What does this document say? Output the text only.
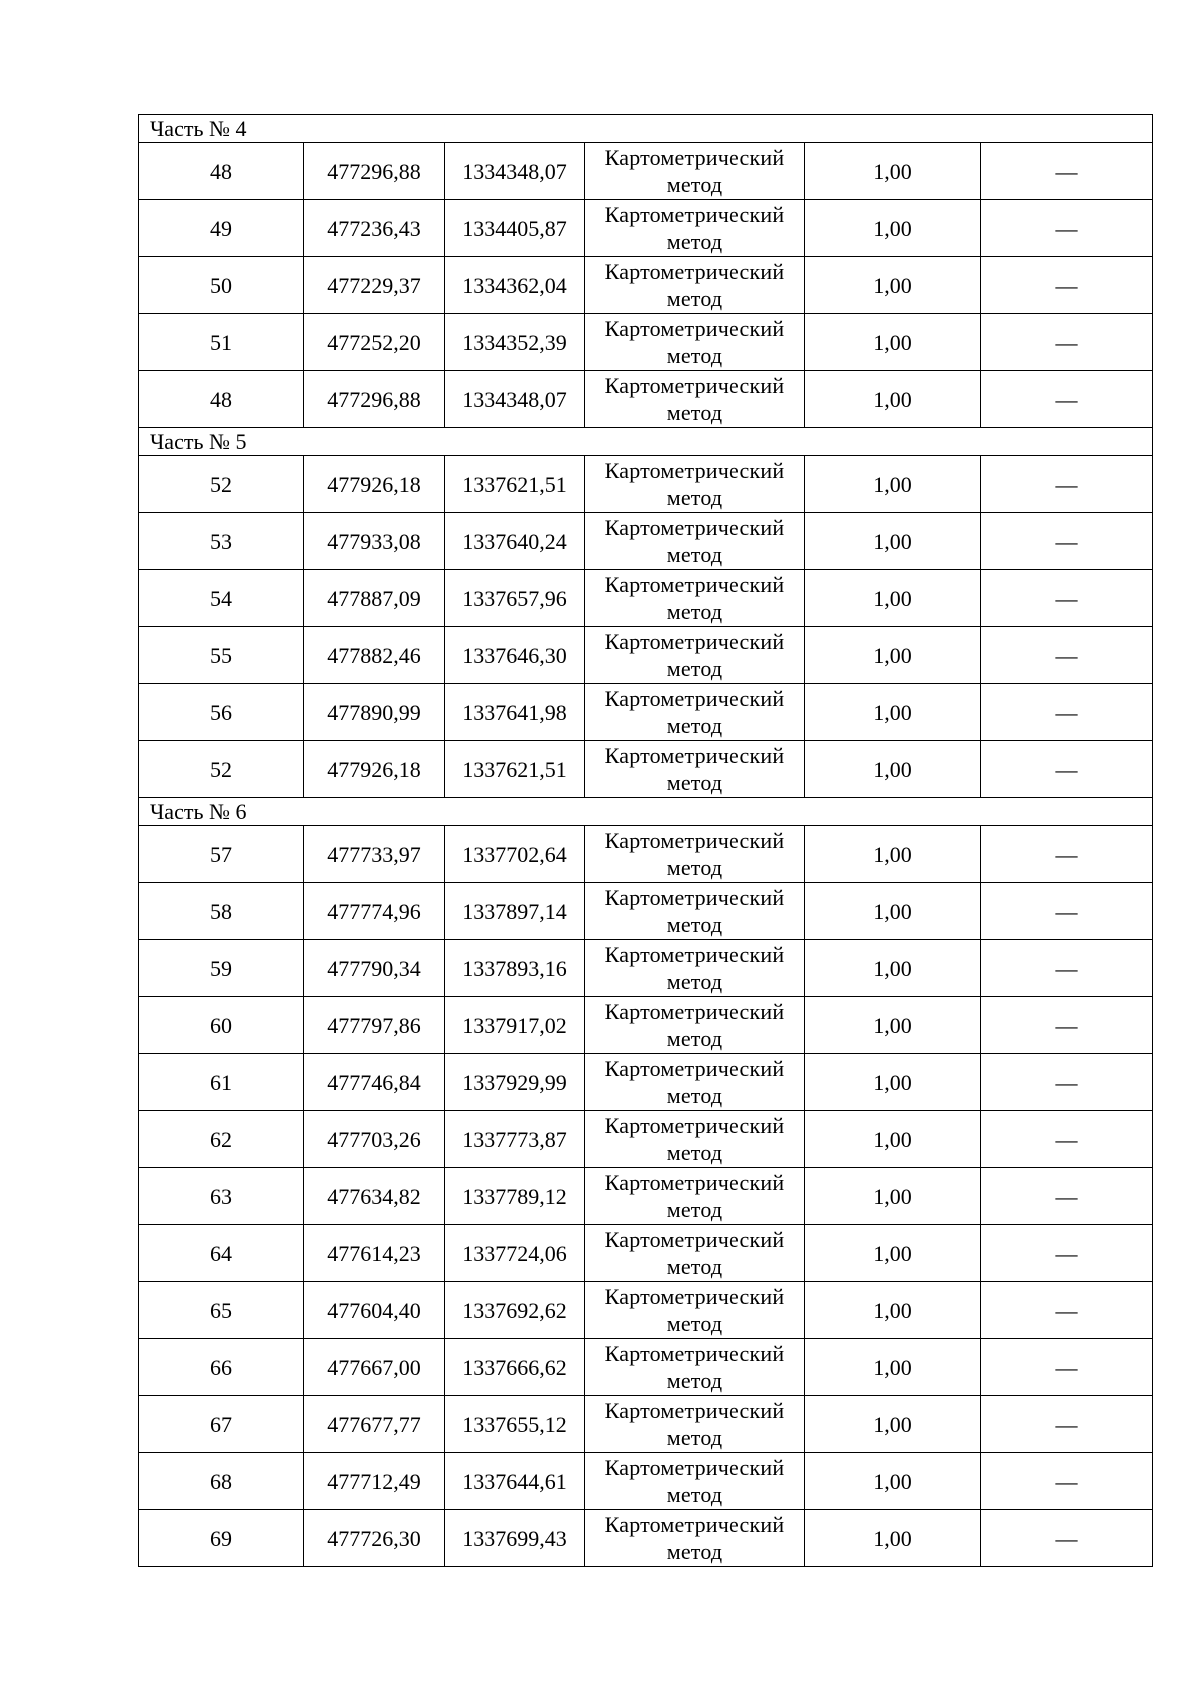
Часть № 4					
48	477296,88	1334348,07	Картометрический метод	1,00	—
49	477236,43	1334405,87	Картометрический метод	1,00	—
50	477229,37	1334362,04	Картометрический метод	1,00	—
51	477252,20	1334352,39	Картометрический метод	1,00	—
48	477296,88	1334348,07	Картометрический метод	1,00	—
Часть № 5					
52	477926,18	1337621,51	Картометрический метод	1,00	—
53	477933,08	1337640,24	Картометрический метод	1,00	—
54	477887,09	1337657,96	Картометрический метод	1,00	—
55	477882,46	1337646,30	Картометрический метод	1,00	—
56	477890,99	1337641,98	Картометрический метод	1,00	—
52	477926,18	1337621,51	Картометрический метод	1,00	—
Часть № 6					
57	477733,97	1337702,64	Картометрический метод	1,00	—
58	477774,96	1337897,14	Картометрический метод	1,00	—
59	477790,34	1337893,16	Картометрический метод	1,00	—
60	477797,86	1337917,02	Картометрический метод	1,00	—
61	477746,84	1337929,99	Картометрический метод	1,00	—
62	477703,26	1337773,87	Картометрический метод	1,00	—
63	477634,82	1337789,12	Картометрический метод	1,00	—
64	477614,23	1337724,06	Картометрический метод	1,00	—
65	477604,40	1337692,62	Картометрический метод	1,00	—
66	477667,00	1337666,62	Картометрический метод	1,00	—
67	477677,77	1337655,12	Картометрический метод	1,00	—
68	477712,49	1337644,61	Картометрический метод	1,00	—
69	477726,30	1337699,43	Картометрический метод	1,00	—
